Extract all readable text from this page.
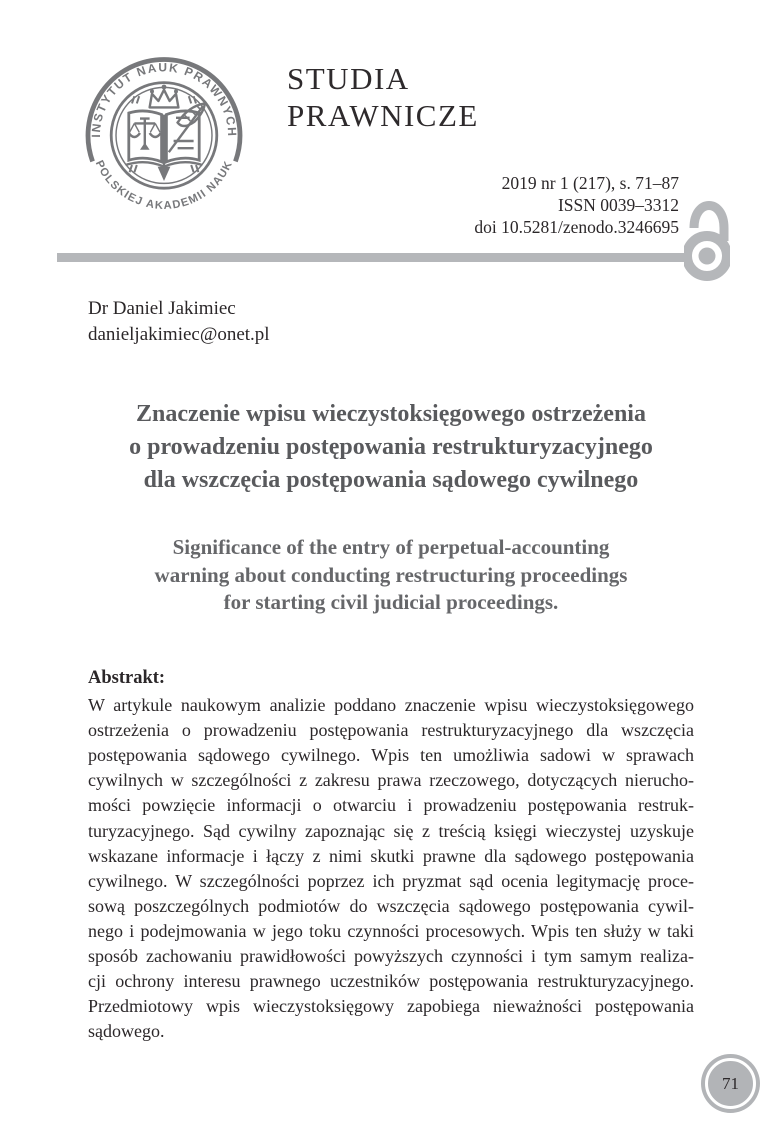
INSTYTUT NAUK PRAWNYCH
POLSKIEJ AKADEMII NAUK
STUDIA
PRAWNICZE
2019 nr 1 (217), s. 71–87
ISSN 0039–3312
doi 10.5281/zenodo.3246695
Dr Daniel Jakimiec
danieljakimiec@onet.pl
Znaczenie wpisu wieczystoksięgowego ostrzeżenia
o prowadzeniu postępowania restrukturyzacyjnego
dla wszczęcia postępowania sądowego cywilnego
Significance of the entry of perpetual-accounting
warning about conducting restructuring proceedings
for starting civil judicial proceedings.
Abstrakt:
W artykule naukowym analizie poddano znaczenie wpisu wieczystoksięgowego
ostrzeżenia o prowadzeniu postępowania restrukturyzacyjnego dla wszczęcia
postępowania sądowego cywilnego. Wpis ten umożliwia sadowi w sprawach
cywilnych w szczególności z zakresu prawa rzeczowego, dotyczących nierucho-
mości powzięcie informacji o otwarciu i prowadzeniu postępowania restruk-
turyzacyjnego. Sąd cywilny zapoznając się z treścią księgi wieczystej uzyskuje
wskazane informacje i łączy z nimi skutki prawne dla sądowego postępowania
cywilnego. W szczególności poprzez ich pryzmat sąd ocenia legitymację proce-
sową poszczególnych podmiotów do wszczęcia sądowego postępowania cywil-
nego i podejmowania w jego toku czynności procesowych. Wpis ten służy w taki
sposób zachowaniu prawidłowości powyższych czynności i tym samym realiza-
cji ochrony interesu prawnego uczestników postępowania restrukturyzacyjnego.
Przedmiotowy wpis wieczystoksięgowy zapobiega nieważności postępowania
sądowego.
71
